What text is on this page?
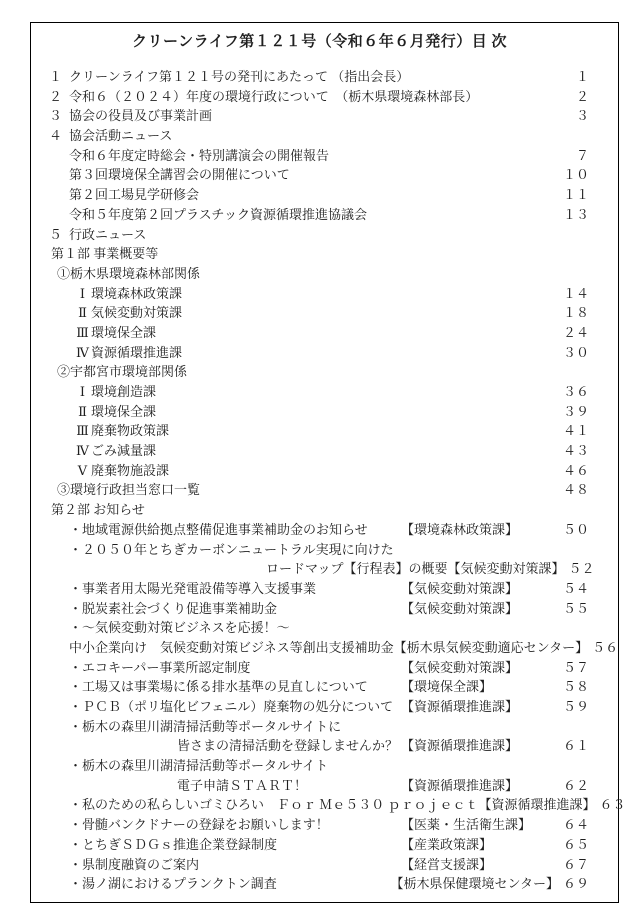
クリーンライフ第１２１号（令和６年６月発行）目 次
１ クリーンライフ第１２１号の発刊にあたって （指出会長）	１
２ 令和６（２０２４）年度の環境行政について　（栃木県環境森林部長）	２
３ 協会の役員及び事業計画	３
４ 協会活動ニュース
令和６年度定時総会・特別講演会の開催報告	７
第３回環境保全講習会の開催について	１０
第２回工場見学研修会	１１
令和５年度第２回プラスチック資源循環推進協議会	１３
５ 行政ニュース
第１部 事業概要等
①栃木県環境森林部関係
Ⅰ 環境森林政策課	１４
Ⅱ 気候変動対策課	１８
Ⅲ 環境保全課	２４
Ⅳ 資源循環推進課	３０
②宇都宮市環境部関係
Ⅰ 環境創造課	３６
Ⅱ 環境保全課	３９
Ⅲ 廃棄物政策課	４１
Ⅳ ごみ減量課	４３
Ⅴ 廃棄物施設課	４６
③環境行政担当窓口一覧	４８
第２部 お知らせ
・地域電源供給拠点整備促進事業補助金のお知らせ	【環境森林政策課】	５０
・２０５０年とちぎカーボンニュートラル実現に向けた
ロードマップ【行程表】の概要 【気候変動対策課】 ５２
・事業者用太陽光発電設備等導入支援事業	【気候変動対策課】	５４
・脱炭素社会づくり促進事業補助金	【気候変動対策課】	５５
・～気候変動対策ビジネスを応援！～
中小企業向け　気候変動対策ビジネス等創出支援補助金 【栃木県気候変動適応センター】 ５６
・エコキーパー事業所認定制度	【気候変動対策課】	５７
・工場又は事業場に係る排水基準の見直しについて	【環境保全課】	５８
・ＰＣＢ（ポリ塩化ビフェニル）廃棄物の処分について 【資源循環推進課】	５９
・栃木の森里川湖清掃活動等ポータルサイトに
皆さまの清掃活動を登録しませんか？ 【資源循環推進課】	６１
・栃木の森里川湖清掃活動等ポータルサイト
電子申請ＳＴＡＲＴ！	【資源循環推進課】	６２
・私のための私らしいゴミひろい　Ｆｏｒ Ｍｅ５３０ ｐｒｏｊｅｃｔ 【資源循環推進課】 ６３
・骨髄バンクドナーの登録をお願いします！	【医薬・生活衛生課】	６４
・とちぎＳＤＧｓ推進企業登録制度	【産業政策課】	６５
・県制度融資のご案内	【経営支援課】	６７
・湯ノ湖におけるプランクトン調査	【栃木県保健環境センター】 ６９
